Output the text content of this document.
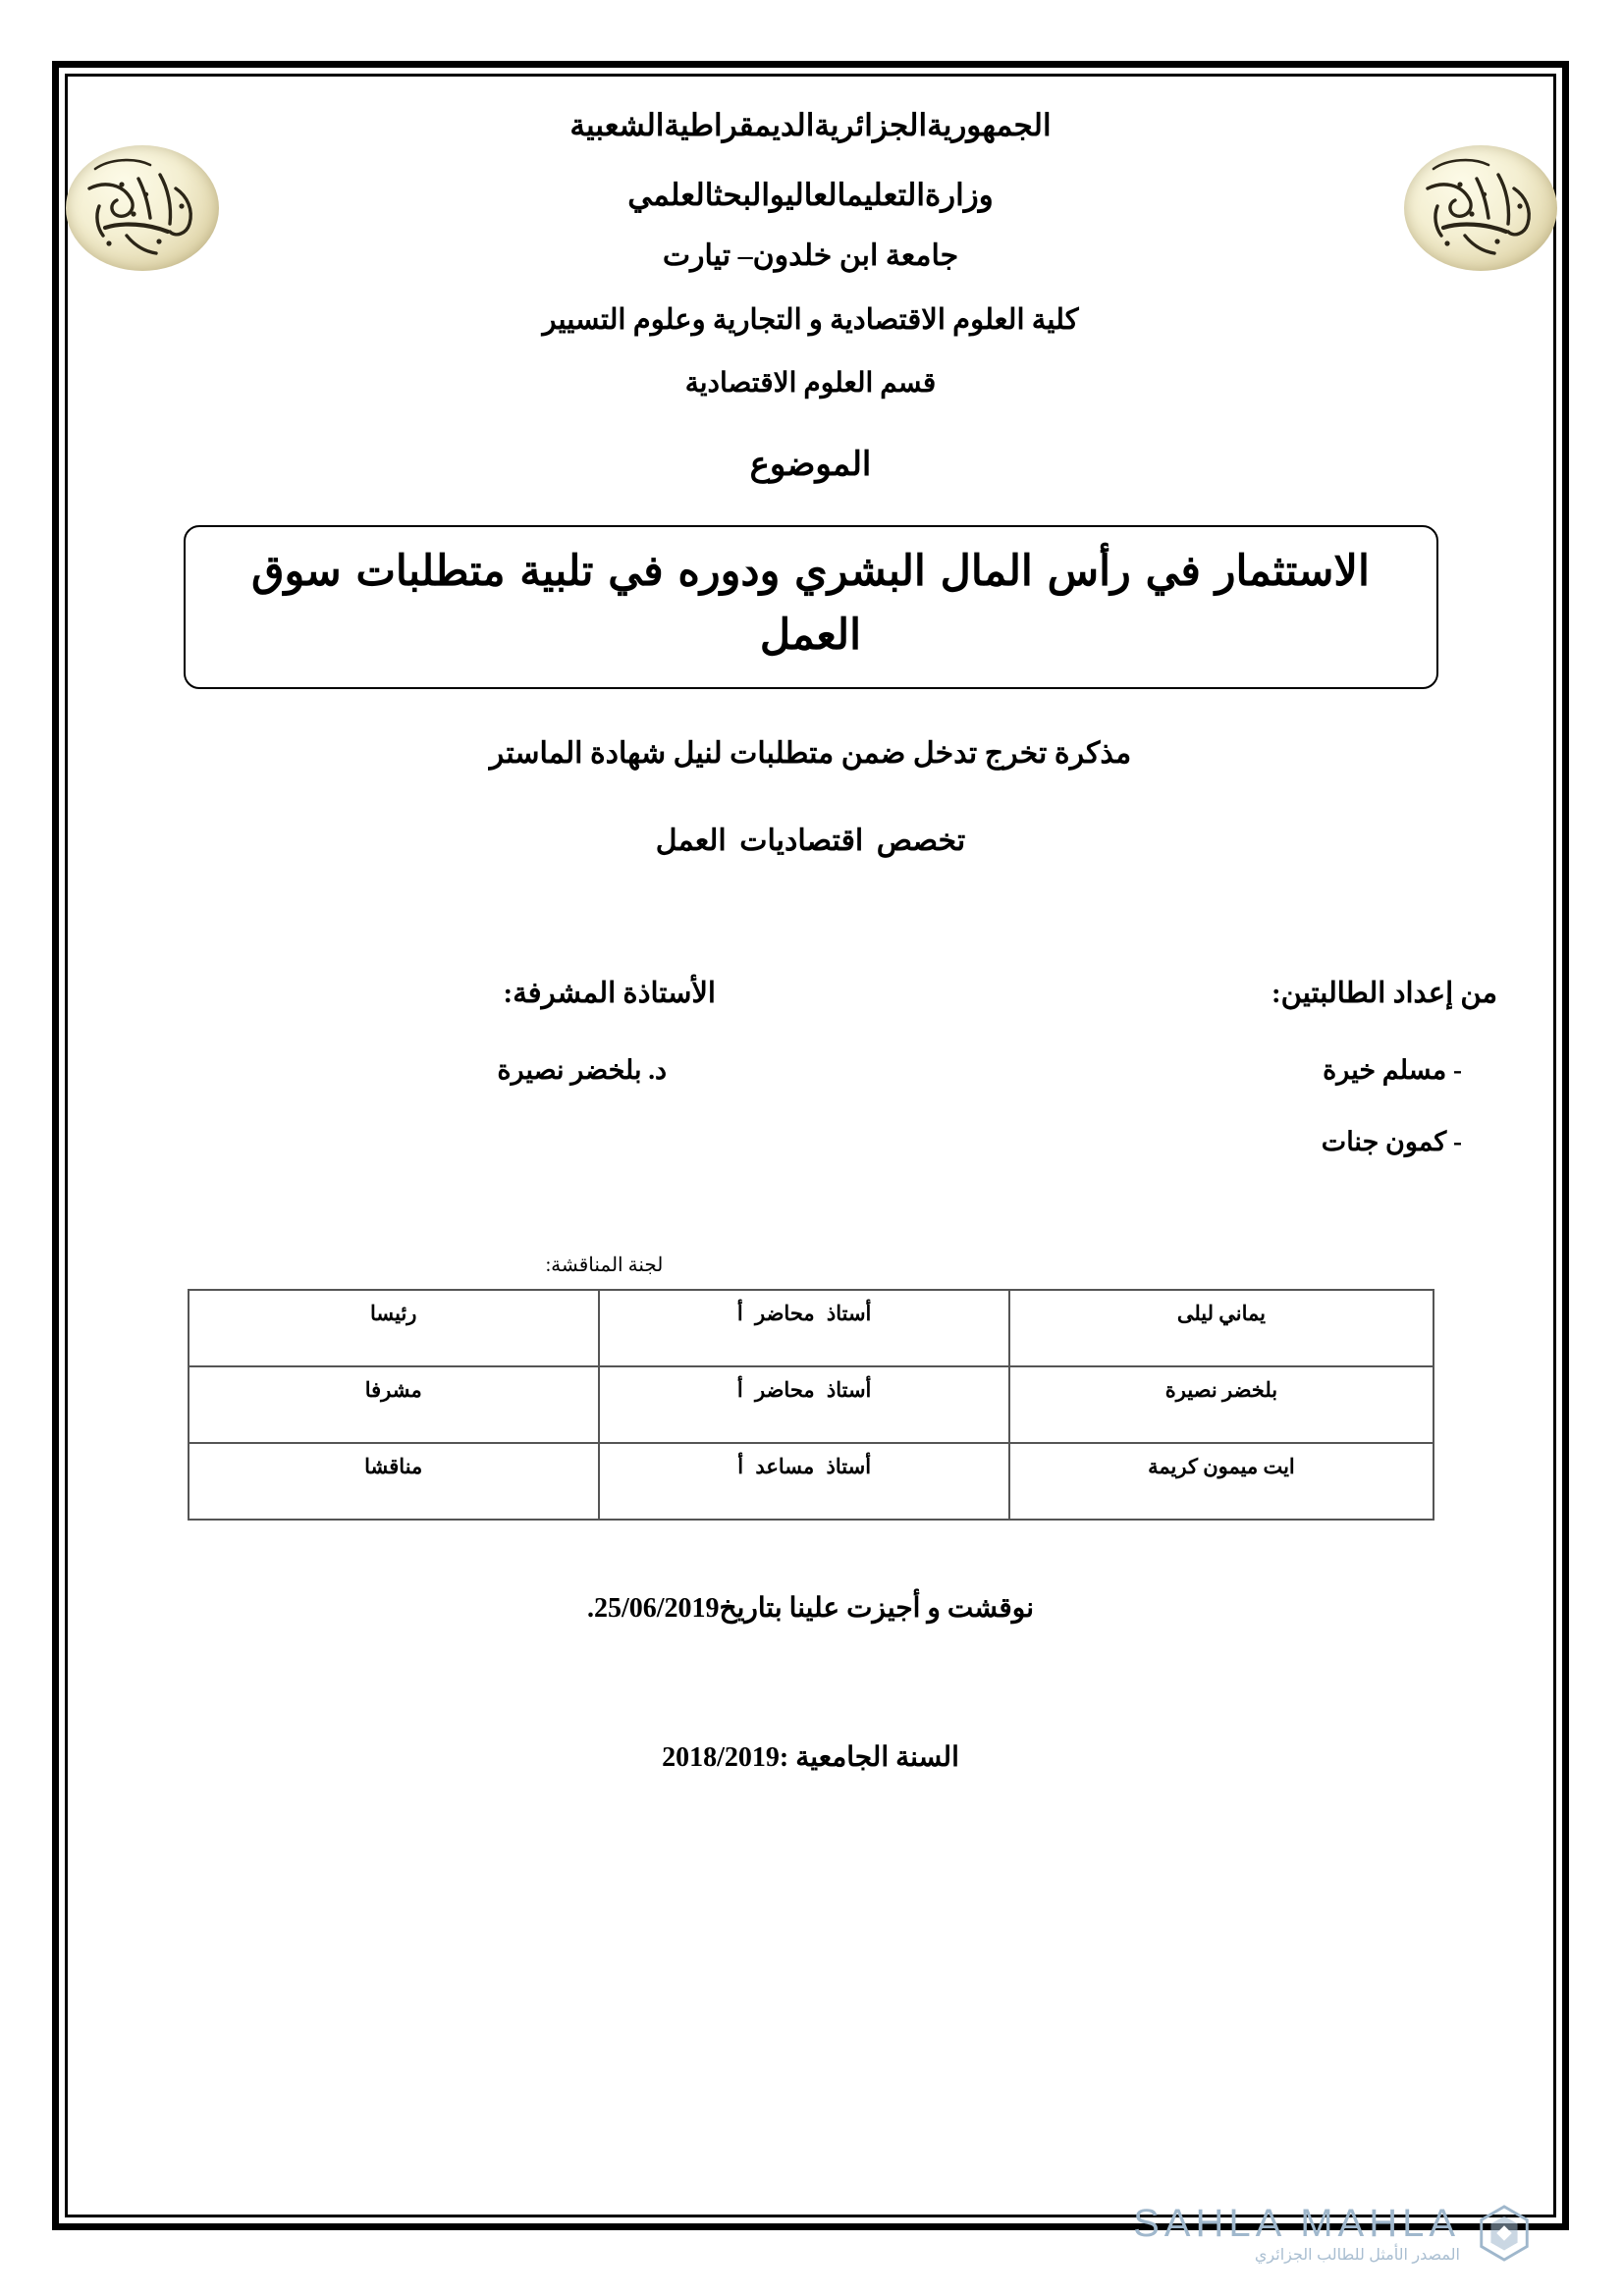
الجمهوريةالجزائريةالديمقراطيةالشعبية
وزارةالتعليمالعاليوالبحثالعلمي
جامعة ابن خلدون– تيارت
كلية العلوم الاقتصادية و التجارية وعلوم التسيير
قسم العلوم الاقتصادية
الموضوع
الاستثمار في رأس المال البشري ودوره في تلبية متطلبات سوق العمل
مذكرة تخرج تدخل ضمن متطلبات لنيل شهادة الماستر
تخصص اقتصاديات العمل
من إعداد الطالبتين:
- مسلم خيرة
- كمون جنات
الأستاذة المشرفة:
د. بلخضر نصيرة
لجنة المناقشة:
يماني ليلى	أستاذ محاضر أ	رئيسا
بلخضر نصيرة	أستاذ محاضر أ	مشرفا
ايت ميمون كريمة	أستاذ مساعد أ	مناقشا
نوقشت و أجيزت علينا بتاريخ25/06/2019.
السنة الجامعية :2018/2019
SAHLA MAHLA
المصدر الأمثل للطالب الجزائري
